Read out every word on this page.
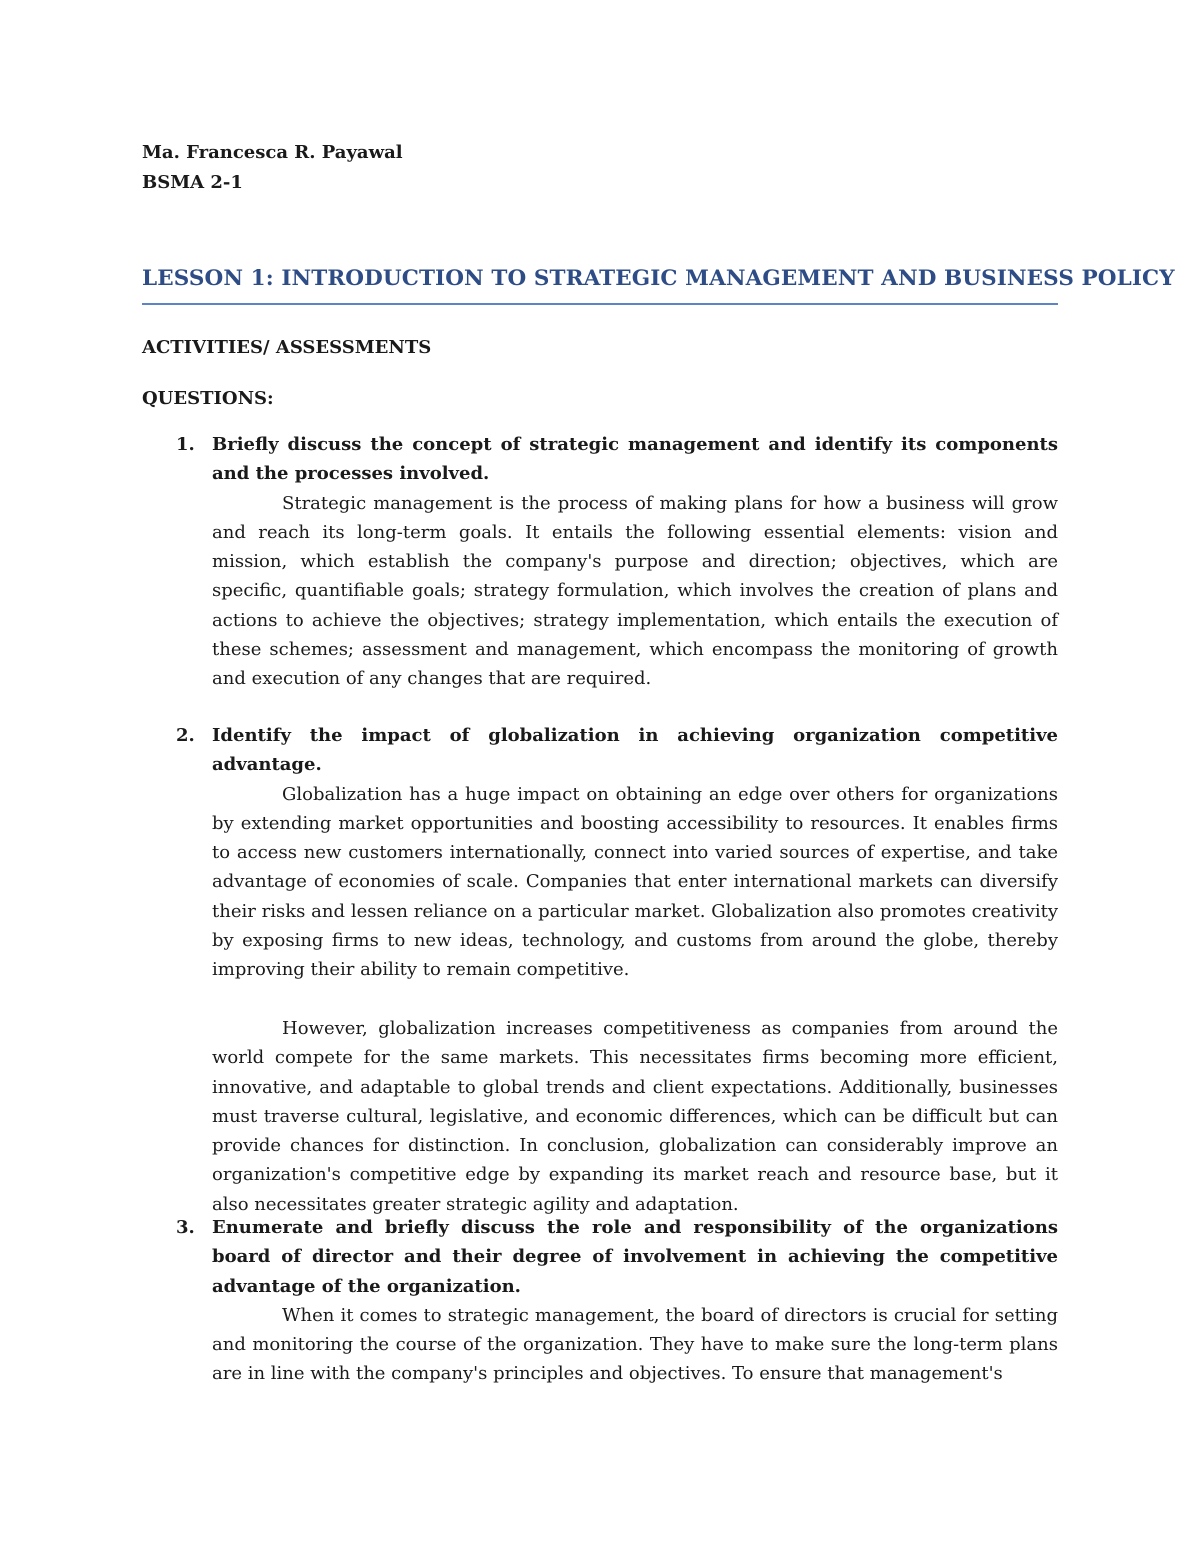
Ma. Francesca R. Payawal
BSMA 2-1
LESSON 1: INTRODUCTION TO STRATEGIC MANAGEMENT AND BUSINESS POLICY
ACTIVITIES/ ASSESSMENTS
QUESTIONS:
1. Briefly discuss the concept of strategic management and identify its components and the processes involved.

Strategic management is the process of making plans for how a business will grow and reach its long-term goals. It entails the following essential elements: vision and mission, which establish the company's purpose and direction; objectives, which are specific, quantifiable goals; strategy formulation, which involves the creation of plans and actions to achieve the objectives; strategy implementation, which entails the execution of these schemes; assessment and management, which encompass the monitoring of growth and execution of any changes that are required.

2. Identify the impact of globalization in achieving organization competitive advantage.

Globalization has a huge impact on obtaining an edge over others for organizations by extending market opportunities and boosting accessibility to resources. It enables firms to access new customers internationally, connect into varied sources of expertise, and take advantage of economies of scale. Companies that enter international markets can diversify their risks and lessen reliance on a particular market. Globalization also promotes creativity by exposing firms to new ideas, technology, and customs from around the globe, thereby improving their ability to remain competitive.

However, globalization increases competitiveness as companies from around the world compete for the same markets. This necessitates firms becoming more efficient, innovative, and adaptable to global trends and client expectations. Additionally, businesses must traverse cultural, legislative, and economic differences, which can be difficult but can provide chances for distinction. In conclusion, globalization can considerably improve an organization's competitive edge by expanding its market reach and resource base, but it also necessitates greater strategic agility and adaptation.

3. Enumerate and briefly discuss the role and responsibility of the organizations board of director and their degree of involvement in achieving the competitive advantage of the organization.

When it comes to strategic management, the board of directors is crucial for setting and monitoring the course of the organization. They have to make sure the long-term plans are in line with the company's principles and objectives. To ensure that management's
